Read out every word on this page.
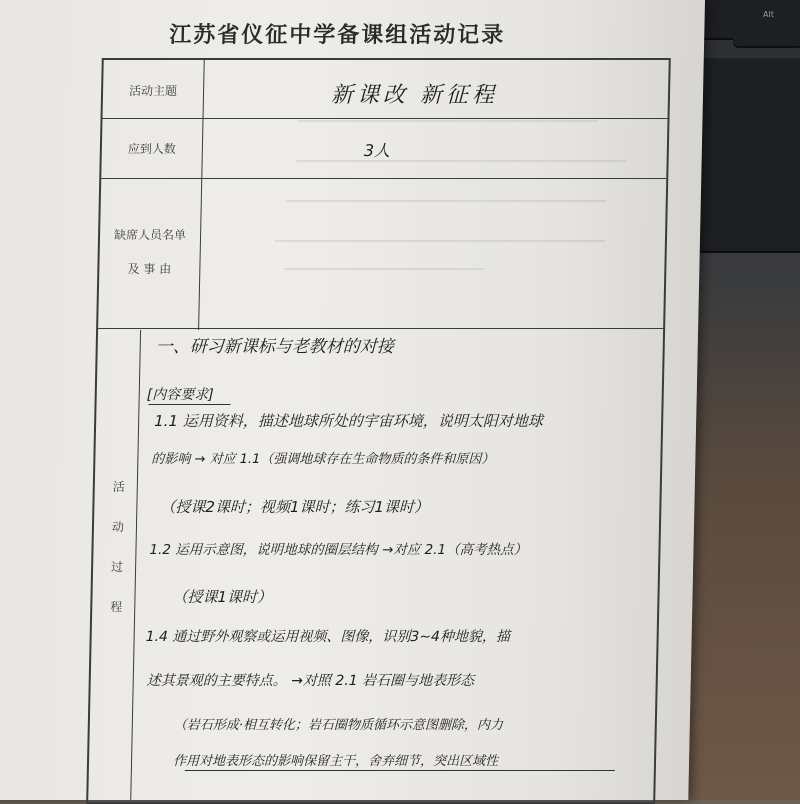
Alt
江苏省仪征中学备课组活动记录
活动主题	新课改 新征程
应到人数	3人
缺席人员名单
及 事 由
活
动
过
程
一、研习新课标与老教材的对接
[内容要求]
1.1 运用资料，描述地球所处的宇宙环境，说明太阳对地球
的影响 → 对应 1.1（强调地球存在生命物质的条件和原因）
（授课2课时；视频1课时；练习1课时）
1.2 运用示意图，说明地球的圈层结构 →对应 2.1（高考热点）
（授课1课时）
1.4 通过野外观察或运用视频、图像，识别3~4种地貌，描
述其景观的主要特点。 →对照 2.1 岩石圈与地表形态
（岩石形成·相互转化；岩石圈物质循环示意图删除，内力
作用对地表形态的影响保留主干，舍弃细节，突出区域性
